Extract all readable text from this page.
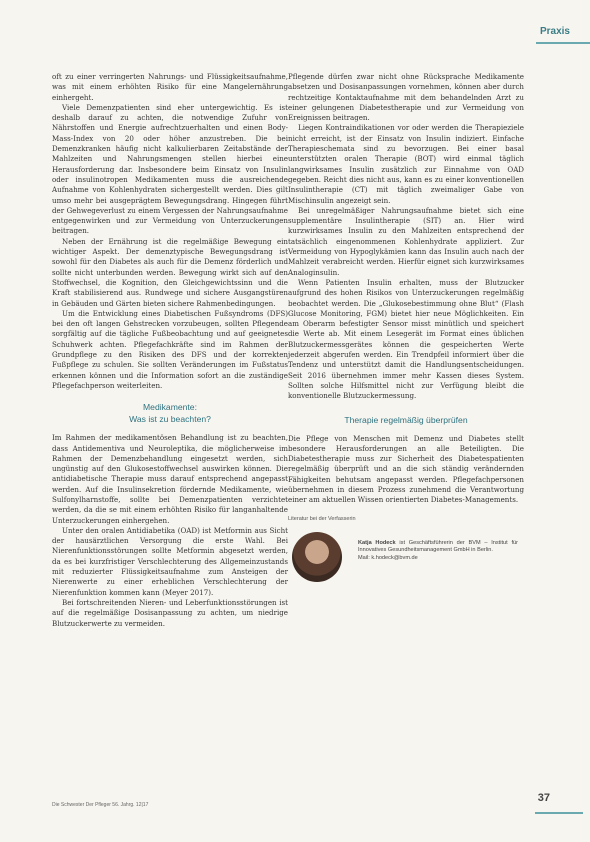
Praxis

oft zu einer verringerten Nahrungs- und Flüssigkeitsaufnahme, was mit einem erhöhten Risiko für eine Mangelernährung einhergeht.

Viele Demenzpatienten sind eher untergewichtig. Es ist deshalb darauf zu achten, die notwendige Zufuhr von Nährstoffen und Energie aufrechtzuerhalten und einen Body-Mass-Index von 20 oder höher anzustreben. Die bei Demenzkranken häufig nicht kalkulierbaren Zeitabstände der Mahlzeiten und Nahrungsmengen stellen hierbei eine Herausforderung dar. Insbesondere beim Einsatz von Insulin oder insulinotropen Medikamenten muss die ausreichende Aufnahme von Kohlenhydraten sichergestellt werden. Dies gilt umso mehr bei ausgeprägtem Bewegungsdrang. Hingegen führt der Gehwegeverlust zu einem Vergessen der Nahrungsaufnahme entgegenwirken und zur Vermeidung von Unterzuckerungen beitragen.

Neben der Ernährung ist die regelmäßige Bewegung ein wichtiger Aspekt. Der demenztypische Bewegungsdrang ist sowohl für den Diabetes als auch für die Demenz förderlich und sollte nicht unterbunden werden. Bewegung wirkt sich auf den Stoffwechsel, die Kognition, den Gleichgewichtssinn und die Kraft stabilisierend aus. Rundwege und sichere Ausgangstüren in Gebäuden und Gärten bieten sichere Rahmenbedingungen.

Um die Entwicklung eines Diabetischen Fußsyndroms (DFS) bei den oft langen Gehstrecken vorzubeugen, sollten Pflegende sorgfältig auf die tägliche Fußbeobachtung und auf geeignetes Schuhwerk achten. Pflegefachkräfte sind im Rahmen der Grundpflege zu den Risiken des DFS und der korrekten Fußpflege zu schulen. Sie sollten Veränderungen im Fußstatus erkennen können und die Information sofort an die zuständige Pflegefachperson weiterleiten.

Medikamente:
Was ist zu beachten?

Im Rahmen der medikamentösen Behandlung ist zu beachten, dass Antidementiva und Neuroleptika, die möglicherweise im Rahmen der Demenzbehandlung eingesetzt werden, sich ungünstig auf den Glukosestoffwechsel auswirken können. Die antidiabetische Therapie muss darauf entsprechend angepasst werden. Auf die Insulinsekretion fördernde Medikamente, wie Sulfonylharnstoffe, sollte bei Demenzpatienten verzichtet werden, da die se mit einem erhöhten Risiko für langanhaltende Unterzuckerungen einhergehen.

Unter den oralen Antidiabetika (OAD) ist Metformin aus Sicht der hausärztlichen Versorgung die erste Wahl. Bei Nierenfunktionsstörungen sollte Metformin abgesetzt werden, da es bei kurzfristiger Verschlechterung des Allgemeinzustands mit reduzierter Flüssigkeitsaufnahme zum Ansteigen der Nierenwerte zu einer erheblichen Verschlechterung der Nierenfunktion kommen kann (Meyer 2017).

Bei fortschreitenden Nieren- und Leberfunktionsstörungen ist auf die regelmäßige Dosisanpassung zu achten, um niedrige Blutzuckerwerte zu vermeiden.

Pflegende dürfen zwar nicht ohne Rücksprache Medikamente absetzen und Dosisanpassungen vornehmen, können aber durch rechtzeitige Kontaktaufnahme mit dem behandelnden Arzt zu einer gelungenen Diabetestherapie und zur Vermeidung von Ereignissen beitragen.

Liegen Kontraindikationen vor oder werden die Therapieziele nicht erreicht, ist der Einsatz von Insulin indiziert. Einfache Therapieschemata sind zu bevorzugen. Bei einer basal unterstützten oralen Therapie (BOT) wird einmal täglich langwirksames Insulin zusätzlich zur Einnahme von OAD gegeben. Reicht dies nicht aus, kann es zu einer konventionellen Insulintherapie (CT) mit täglich zweimaliger Gabe von Mischinsulin angezeigt sein.

Bei unregelmäßiger Nahrungsaufnahme bietet sich eine supplementäre Insulintherapie (SIT) an. Hier wird kurzwirksames Insulin zu den Mahlzeiten entsprechend der tatsächlich eingenommenen Kohlenhydrate appliziert. Zur Vermeidung von Hypoglykämien kann das Insulin auch nach der Mahlzeit verabreicht werden. Hierfür eignet sich kurzwirksames Analoginsulin.

Wenn Patienten Insulin erhalten, muss der Blutzucker aufgrund des hohen Risikos von Unterzuckerungen regelmäßig beobachtet werden. Die „Glukosebestimmung ohne Blut“ (Flash Glucose Monitoring, FGM) bietet hier neue Möglichkeiten. Ein am Oberarm befestigter Sensor misst minütlich und speichert die Werte ab. Mit einem Lesegerät im Format eines üblichen Blutzuckermessgerätes können die gespeicherten Werte jederzeit abgerufen werden. Ein Trendpfeil informiert über die Tendenz und unterstützt damit die Handlungsentscheidungen. Seit 2016 übernehmen immer mehr Kassen dieses System. Sollten solche Hilfsmittel nicht zur Verfügung bleibt die konventionelle Blutzuckermessung.

Therapie regelmäßig überprüfen

Die Pflege von Menschen mit Demenz und Diabetes stellt besondere Herausforderungen an alle Beteiligten. Die Diabetestherapie muss zur Sicherheit des Diabetespatienten regelmäßig überprüft und an die sich ständig verändernden Fähigkeiten behutsam angepasst werden. Pflegefachpersonen übernehmen in diesem Prozess zunehmend die Verantwortung einer am aktuellen Wissen orientierten Diabetes-Managements.

Literatur bei der Verfasserin
Katja Hodeck ist Geschäftsführerin der BVM – Institut für Innovatives Gesundheitsmanagement GmbH in Berlin.
Mail: k.hodeck@bvm.de
Die Schwester Der Pfleger 56. Jahrg. 12|17
37
